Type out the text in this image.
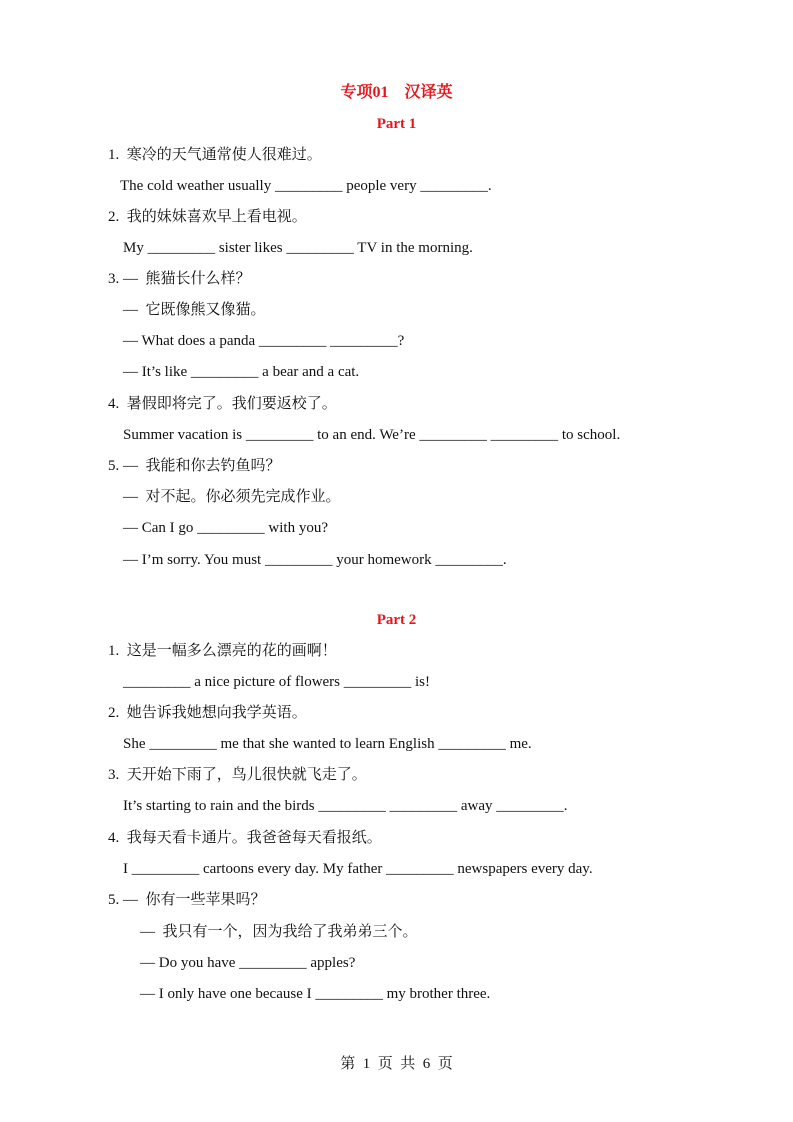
专项01　汉译英
Part 1
1.  寒冷的天气通常使人很难过。
The cold weather usually _________ people very _________.
2.  我的妹妹喜欢早上看电视。
My _________ sister likes _________ TV in the morning.
3. —  熊猫长什么样？
—  它既像熊又像猫。
— What does a panda _________ _________?
— It’s like _________ a bear and a cat.
4.  暑假即将完了。我们要返校了。
Summer vacation is _________ to an end. We’re _________ _________ to school.
5. —  我能和你去钓鱼吗？
—  对不起。你必须先完成作业。
— Can I go _________ with you?
— I’m sorry. You must _________ your homework _________.
Part 2
1.  这是一幅多么漂亮的花的画啊！
_________ a nice picture of flowers _________ is!
2.  她告诉我她想向我学英语。
She _________ me that she wanted to learn English _________ me.
3.  天开始下雨了，鸟儿很快就飞走了。
It’s starting to rain and the birds _________ _________ away _________.
4.  我每天看卡通片。我爸爸每天看报纸。
I _________ cartoons every day. My father _________ newspapers every day.
5. —  你有一些苹果吗？
—  我只有一个，因为我给了我弟弟三个。
— Do you have _________ apples?
— I only have one because I _________ my brother three.
第  1  页  共  6  页
